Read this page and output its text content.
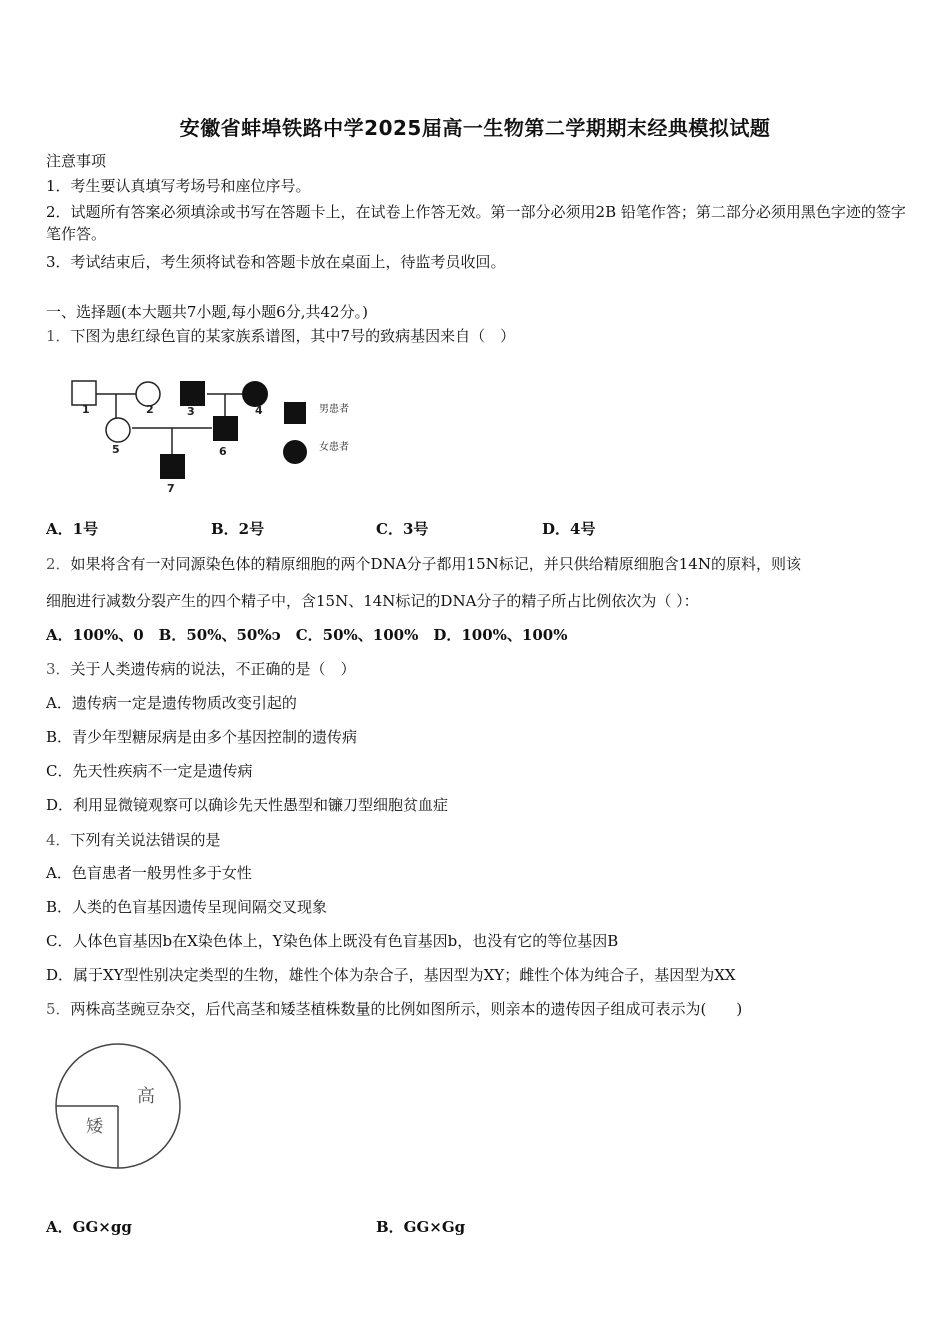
安徽省蚌埠铁路中学2025届高一生物第二学期期末经典模拟试题
注意事项
1．考生要认真填写考场号和座位序号。
2．试题所有答案必须填涂或书写在答题卡上，在试卷上作答无效。第一部分必须用2B 铅笔作答；第二部分必须用黑色字迹的签字笔作答。
3．考试结束后，考生须将试卷和答题卡放在桌面上，待监考员收回。
一、选择题(本大题共7小题,每小题6分,共42分。)
1．下图为患红绿色盲的某家族系谱图，其中7号的致病基因来自（　）
1	2	3	4
5	6
7
男患者
女患者
A．1号	B．2号	C．3号	D．4号
2．如果将含有一对同源染色体的精原细胞的两个DNA分子都用15N标记，并只供给精原细胞含14N的原料，则该
细胞进行减数分裂产生的四个精子中，含15N、14N标记的DNA分子的精子所占比例依次为（ ）：
A．100%、0　B．50%、50%ↄ　C．50%、100%　D．100%、100%
3．关于人类遗传病的说法，不正确的是（　）
A．遗传病一定是遗传物质改变引起的
B．青少年型糖尿病是由多个基因控制的遗传病
C．先天性疾病不一定是遗传病
D．利用显微镜观察可以确诊先天性愚型和镰刀型细胞贫血症
4．下列有关说法错误的是
A．色盲患者一般男性多于女性
B．人类的色盲基因遗传呈现间隔交叉现象
C．人体色盲基因b在X染色体上，Y染色体上既没有色盲基因b，也没有它的等位基因B
D．属于XY型性别决定类型的生物，雄性个体为杂合子，基因型为XY；雌性个体为纯合子，基因型为XX
5．两株高茎豌豆杂交，后代高茎和矮茎植株数量的比例如图所示，则亲本的遗传因子组成可表示为(　　)
高
矮
A．GG×gg	B．GG×Gg
